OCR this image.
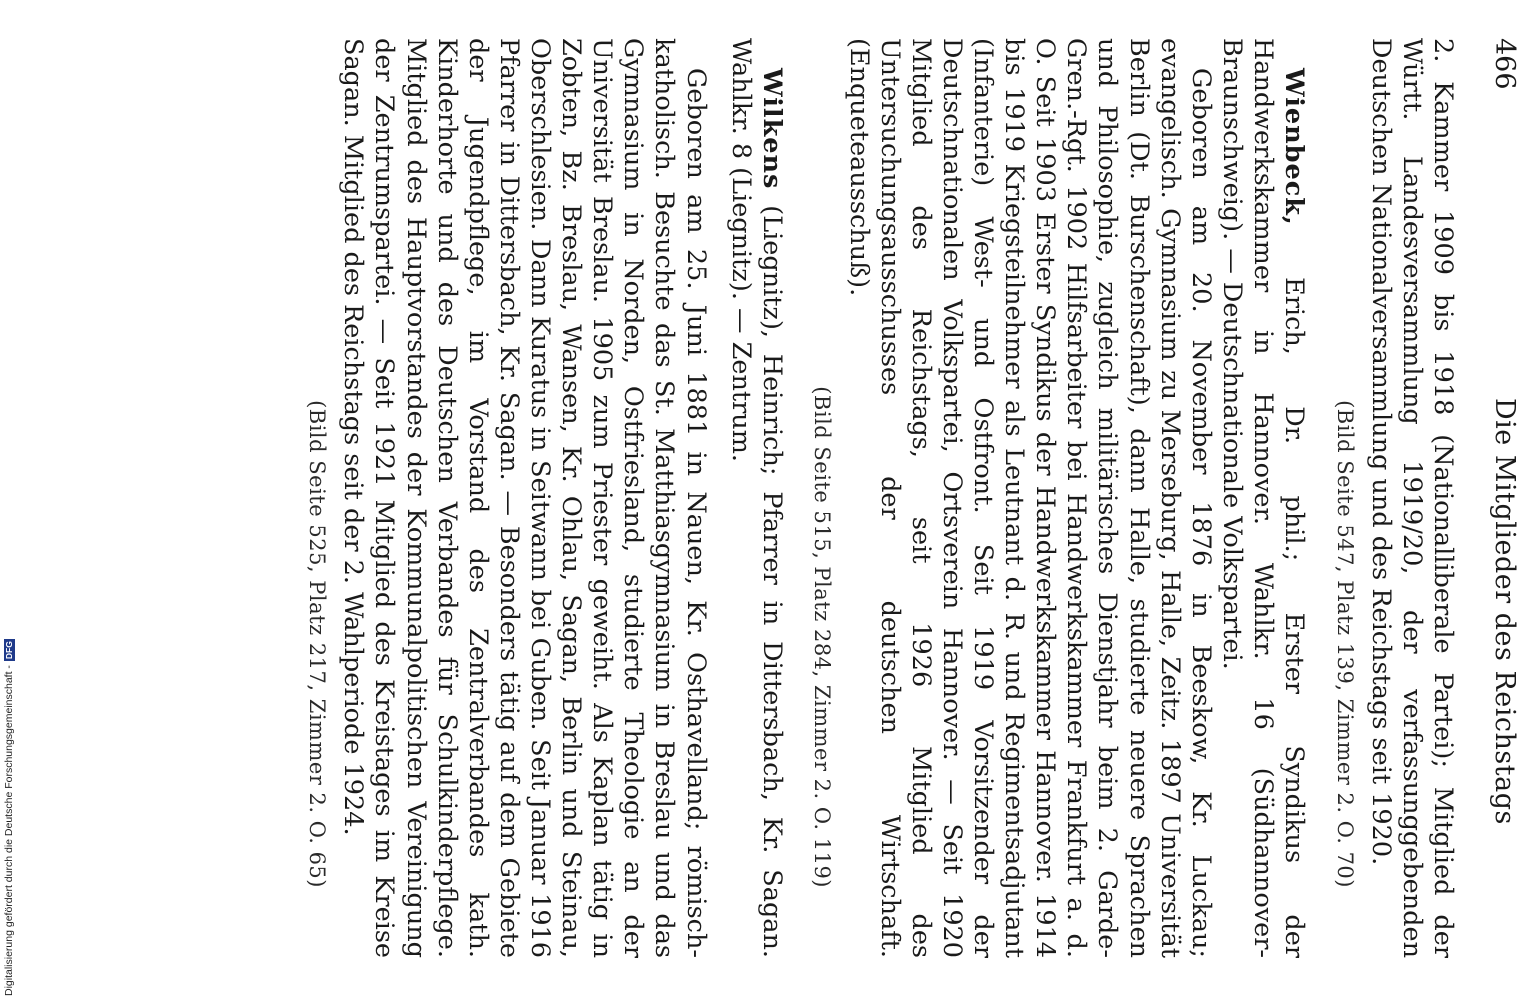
466
Die Mitglieder des Reichstags

2. Kammer 1909 bis 1918 (Nationalliberale Partei); Mitglied der Württ. Landesversammlung 1919/20, der verfassunggebenden Deutschen Nationalversammlung und des Reichstags seit 1920.

(Bild Seite 547, Platz 139, Zimmer 2. O. 70)

Wienbeck, Erich, Dr. phil.; Erster Syndikus der Handwerkskammer in Hannover. Wahlkr. 16 (Südhannover-Braunschweig). — Deutschnationale Volkspartei.

Geboren am 20. November 1876 in Beeskow, Kr. Luckau; evangelisch. Gymnasium zu Merseburg, Halle, Zeitz. 1897 Universität Berlin (Dt. Burschenschaft), dann Halle, studierte neuere Sprachen und Philosophie, zugleich militärisches Dienstjahr beim 2. Garde-Gren.-Rgt. 1902 Hilfsarbeiter bei Handwerkskammer Frankfurt a. d. O. Seit 1903 Erster Syndikus der Handwerkskammer Hannover. 1914 bis 1919 Kriegsteilnehmer als Leutnant d. R. und Regimentsadjutant (Infanterie) West- und Ostfront. Seit 1919 Vorsitzender der Deutschnationalen Volkspartei, Ortsverein Hannover. — Seit 1920 Mitglied des Reichstags, seit 1926 Mitglied des Untersuchungsausschusses der deutschen Wirtschaft. (Enqueteausschuß).

(Bild Seite 515, Platz 284, Zimmer 2. O. 119)

Wilkens (Liegnitz), Heinrich; Pfarrer in Dittersbach, Kr. Sagan. Wahlkr. 8 (Liegnitz). — Zentrum.

Geboren am 25. Juni 1881 in Nauen, Kr. Osthavelland; römisch-katholisch. Besuchte das St. Matthiasgymnasium in Breslau und das Gymnasium in Norden, Ostfriesland, studierte Theologie an der Universität Breslau. 1905 zum Priester geweiht. Als Kaplan tätig in Zobten, Bz. Breslau, Wansen, Kr. Ohlau, Sagan, Berlin und Steinau, Oberschlesien. Dann Kuratus in Seitwann bei Guben. Seit Januar 1916 Pfarrer in Dittersbach, Kr. Sagan. — Besonders tätig auf dem Gebiete der Jugendpflege, im Vorstand des Zentralverbandes kath. Kinderhorte und des Deutschen Verbandes für Schulkinderpflege. Mitglied des Hauptvorstandes der Kommunalpolitischen Vereinigung der Zentrumspartei. — Seit 1921 Mitglied des Kreistages im Kreise Sagan. Mitglied des Reichstags seit der 2. Wahlperiode 1924.

(Bild Seite 525, Platz 217, Zimmer 2. O. 65)
Digitalisierung gefördert durch die Deutsche Forschungsgemeinschaft -
DFG
